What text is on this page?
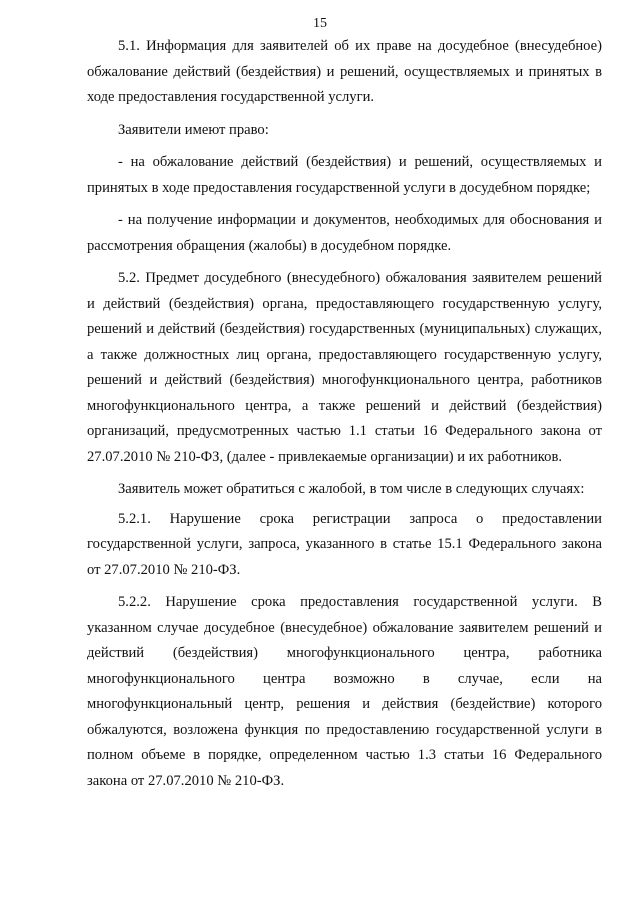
15

5.1. Информация для заявителей об их праве на досудебное (внесудебное) обжалование действий (бездействия) и решений, осуществляемых и принятых в ходе предоставления государственной услуги.

Заявители имеют право:

- на обжалование действий (бездействия) и решений, осуществляемых и принятых в ходе предоставления государственной услуги в досудебном порядке;

- на получение информации и документов, необходимых для обоснования и рассмотрения обращения (жалобы) в досудебном порядке.

5.2. Предмет досудебного (внесудебного) обжалования заявителем решений и действий (бездействия) органа, предоставляющего государственную услугу, решений и действий (бездействия) государственных (муниципальных) служащих, а также должностных лиц органа, предоставляющего государственную услугу, решений и действий (бездействия) многофункционального центра, работников многофункционального центра, а также решений и действий (бездействия) организаций, предусмотренных частью 1.1 статьи 16 Федерального закона от 27.07.2010 № 210-ФЗ, (далее - привлекаемые организации) и их работников.

Заявитель может обратиться с жалобой, в том числе в следующих случаях:

5.2.1. Нарушение срока регистрации запроса о предоставлении государственной услуги, запроса, указанного в статье 15.1 Федерального закона от 27.07.2010 № 210-ФЗ.

5.2.2. Нарушение срока предоставления государственной услуги. В указанном случае досудебное (внесудебное) обжалование заявителем решений и действий (бездействия) многофункционального центра, работника многофункционального центра возможно в случае, если на многофункциональный центр, решения и действия (бездействие) которого обжалуются, возложена функция по предоставлению государственной услуги в полном объеме в порядке, определенном частью 1.3 статьи 16 Федерального закона от 27.07.2010 № 210-ФЗ.
